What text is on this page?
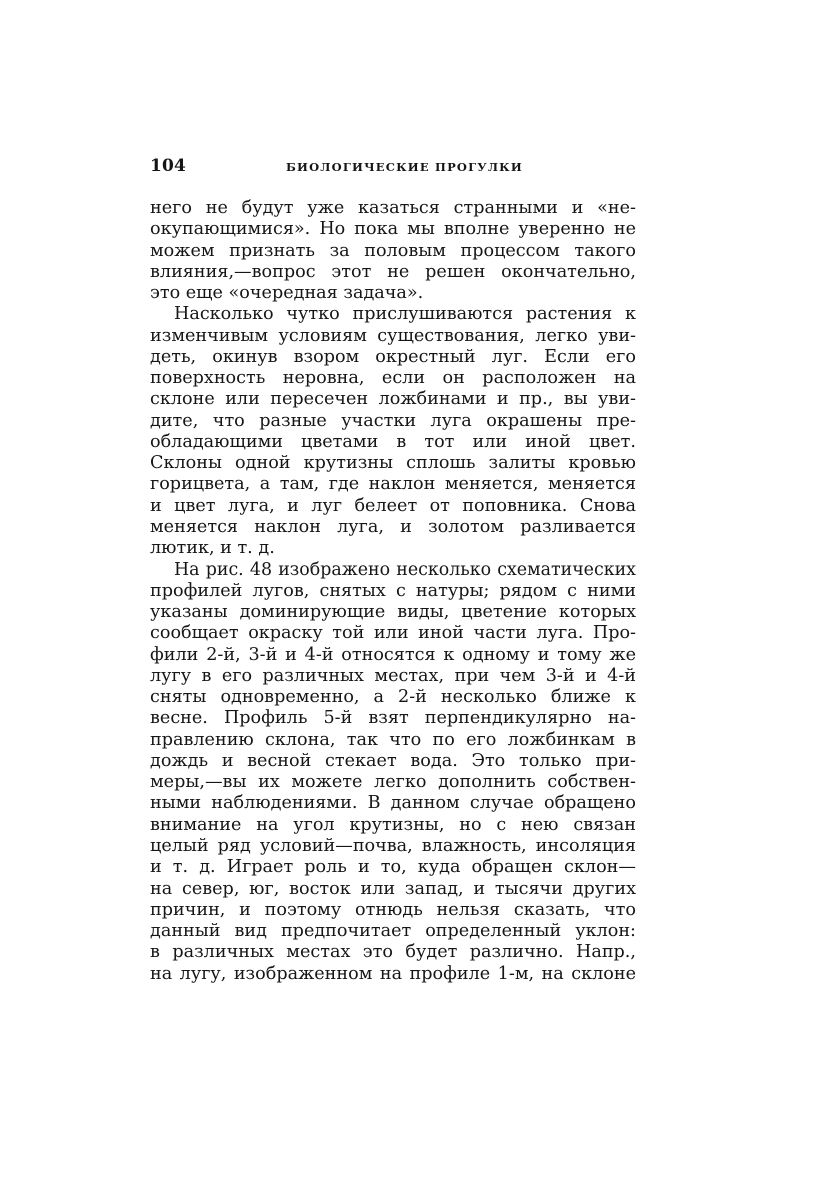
104	БИОЛОГИЧЕСКИЕ ПРОГУЛКИ
него не будут уже казаться странными и «не-
окупающимися». Но пока мы вполне уверенно не
можем признать за половым процессом такого
влияния,—вопрос этот не решен окончательно,
это еще «очередная задача».
Насколько чутко прислушиваются растения к
изменчивым условиям существования, легко уви-
деть, окинув взором окрестный луг. Если его
поверхность неровна, если он расположен на
склоне или пересечен ложбинами и пр., вы уви-
дите, что разные участки луга окрашены пре-
обладающими цветами в тот или иной цвет.
Склоны одной крутизны сплошь залиты кровью
горицвета, а там, где наклон меняется, меняется
и цвет луга, и луг белеет от поповника. Снова
меняется наклон луга, и золотом разливается
лютик, и т. д.
На рис. 48 изображено несколько схематических
профилей лугов, снятых с натуры; рядом с ними
указаны доминирующие виды, цветение которых
сообщает окраску той или иной части луга. Про-
фили 2-й, 3-й и 4-й относятся к одному и тому же
лугу в его различных местах, при чем 3-й и 4-й
сняты одновременно, а 2-й несколько ближе к
весне. Профиль 5-й взят перпендикулярно на-
правлению склона, так что по его ложбинкам в
дождь и весной стекает вода. Это только при-
меры,—вы их можете легко дополнить собствен-
ными наблюдениями. В данном случае обращено
внимание на угол крутизны, но с нею связан
целый ряд условий—почва, влажность, инсоляция
и т. д. Играет роль и то, куда обращен склон—
на север, юг, восток или запад, и тысячи других
причин, и поэтому отнюдь нельзя сказать, что
данный вид предпочитает определенный уклон:
в различных местах это будет различно. Напр.,
на лугу, изображенном на профиле 1-м, на склоне
